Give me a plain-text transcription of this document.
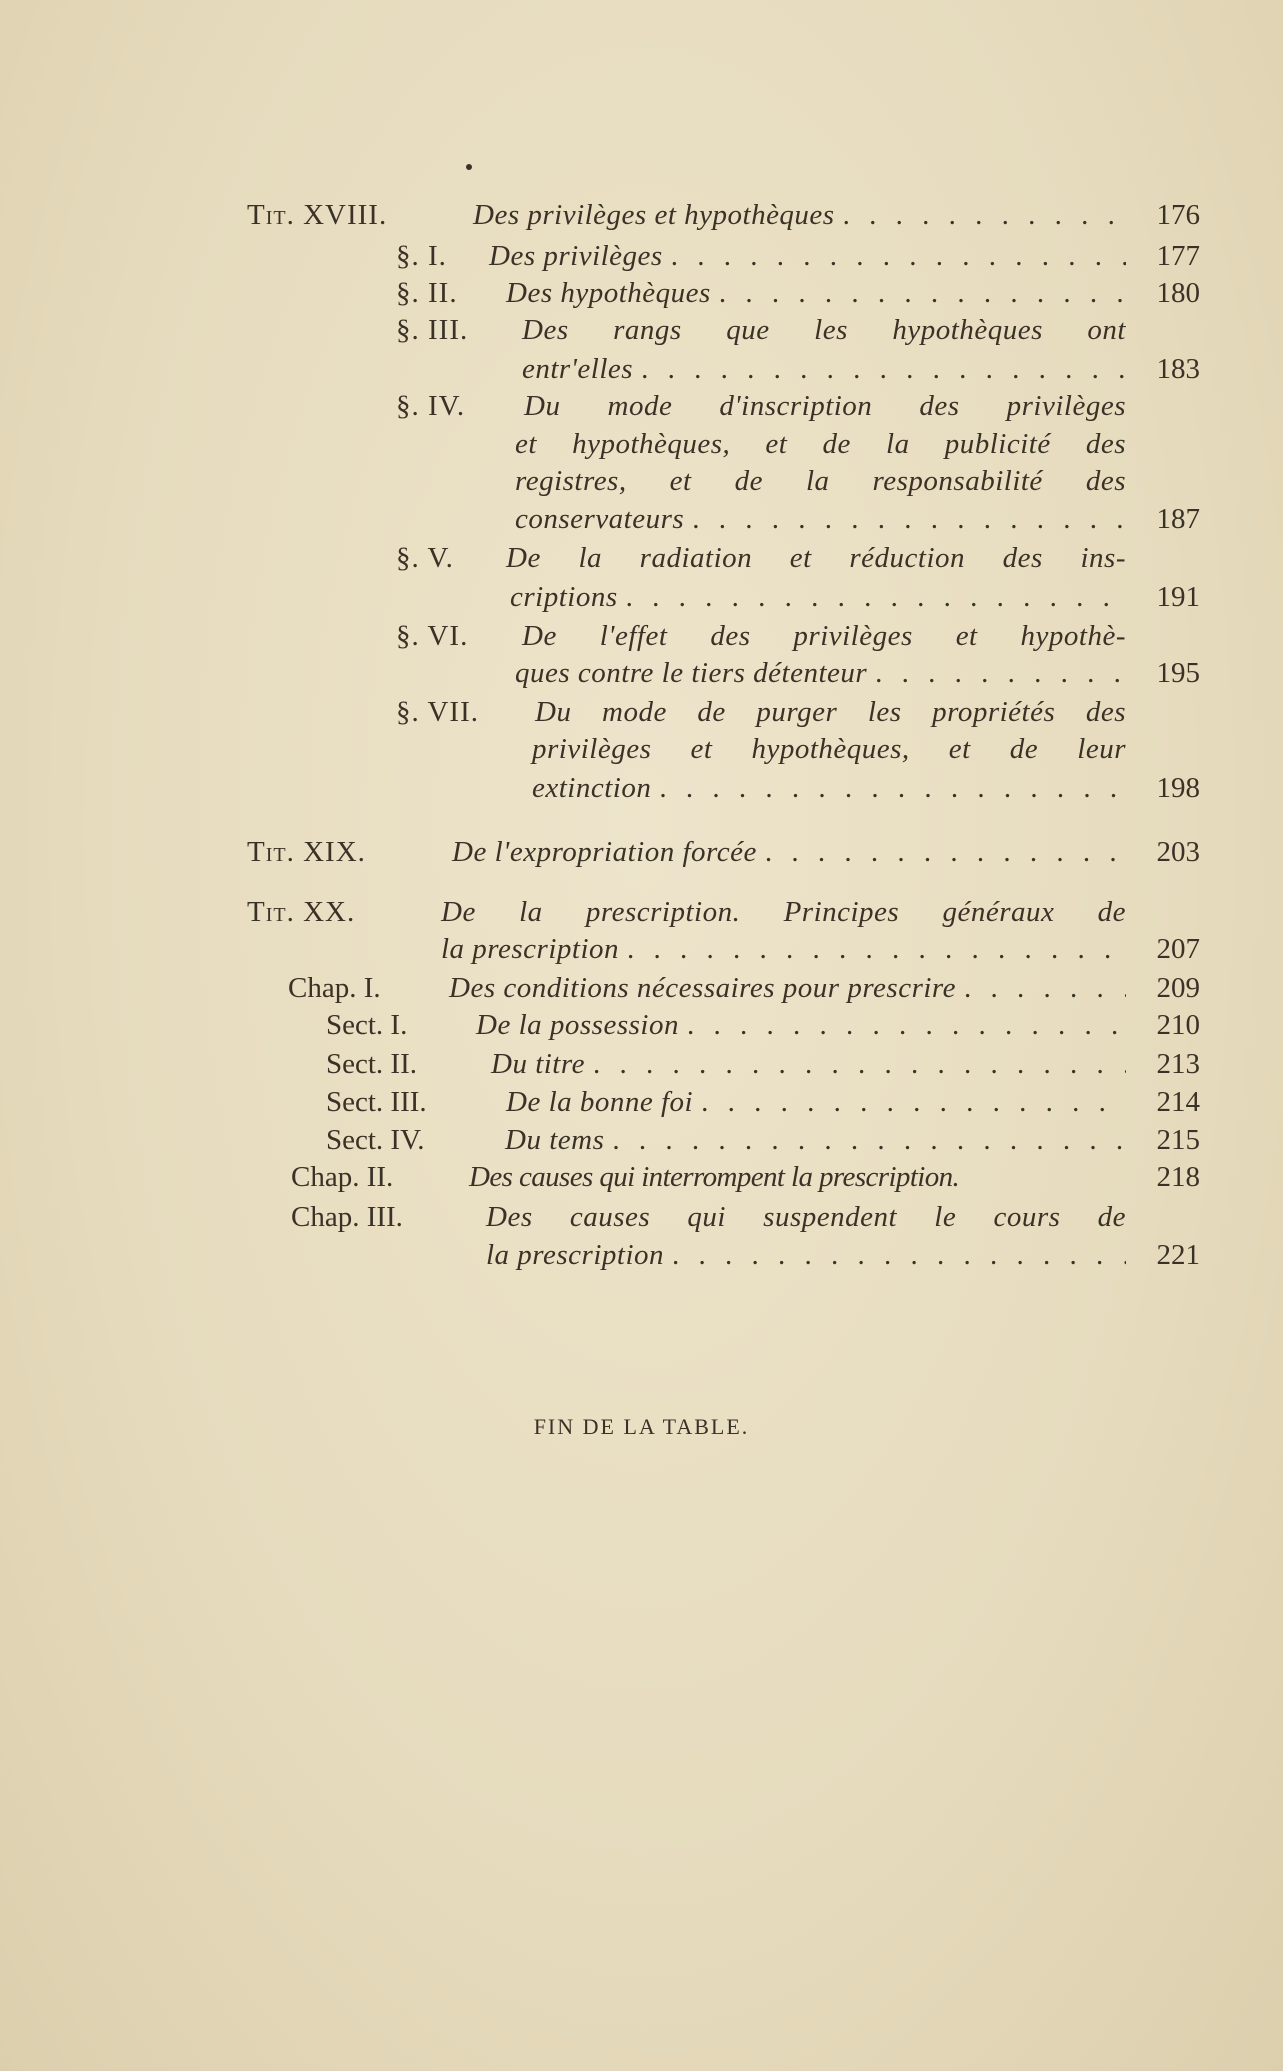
Tit. XVIII.	Des privilèges et hypothèques . . .	176
§. I. Des privilèges . . .	177
§. II. Des hypothèques . . .	180
§. III. Des rangs que les hypothèques ont
entr'elles . . .	183
§. IV. Du mode d'inscription des privilèges
et hypothèques, et de la publicité des
registres, et de la responsabilité des
conservateurs . . .	187
§. V. De la radiation et réduction des ins-
criptions . . .	191
§. VI. De l'effet des privilèges et hypothè-
ques contre le tiers détenteur . . .	195
§. VII. Du mode de purger les propriétés des
privilèges et hypothèques, et de leur
extinction . . .	198
Tit. XIX.	De l'expropriation forcée . . .	203
Tit. XX.	De la prescription. Principes généraux de
la prescription . . .	207
Chap. I. Des conditions nécessaires pour prescrire . . .	209
Sect. I. De la possession . . .	210
Sect. II.	Du titre . . .	213
Sect. III.	De la bonne foi . . .	214
Sect. IV.	Du tems . . .	215
Chap. II.	Des causes qui interrompent la prescription.	218
Chap. III.	Des causes qui suspendent le cours de
la prescription . . .	221
FIN DE LA TABLE.
